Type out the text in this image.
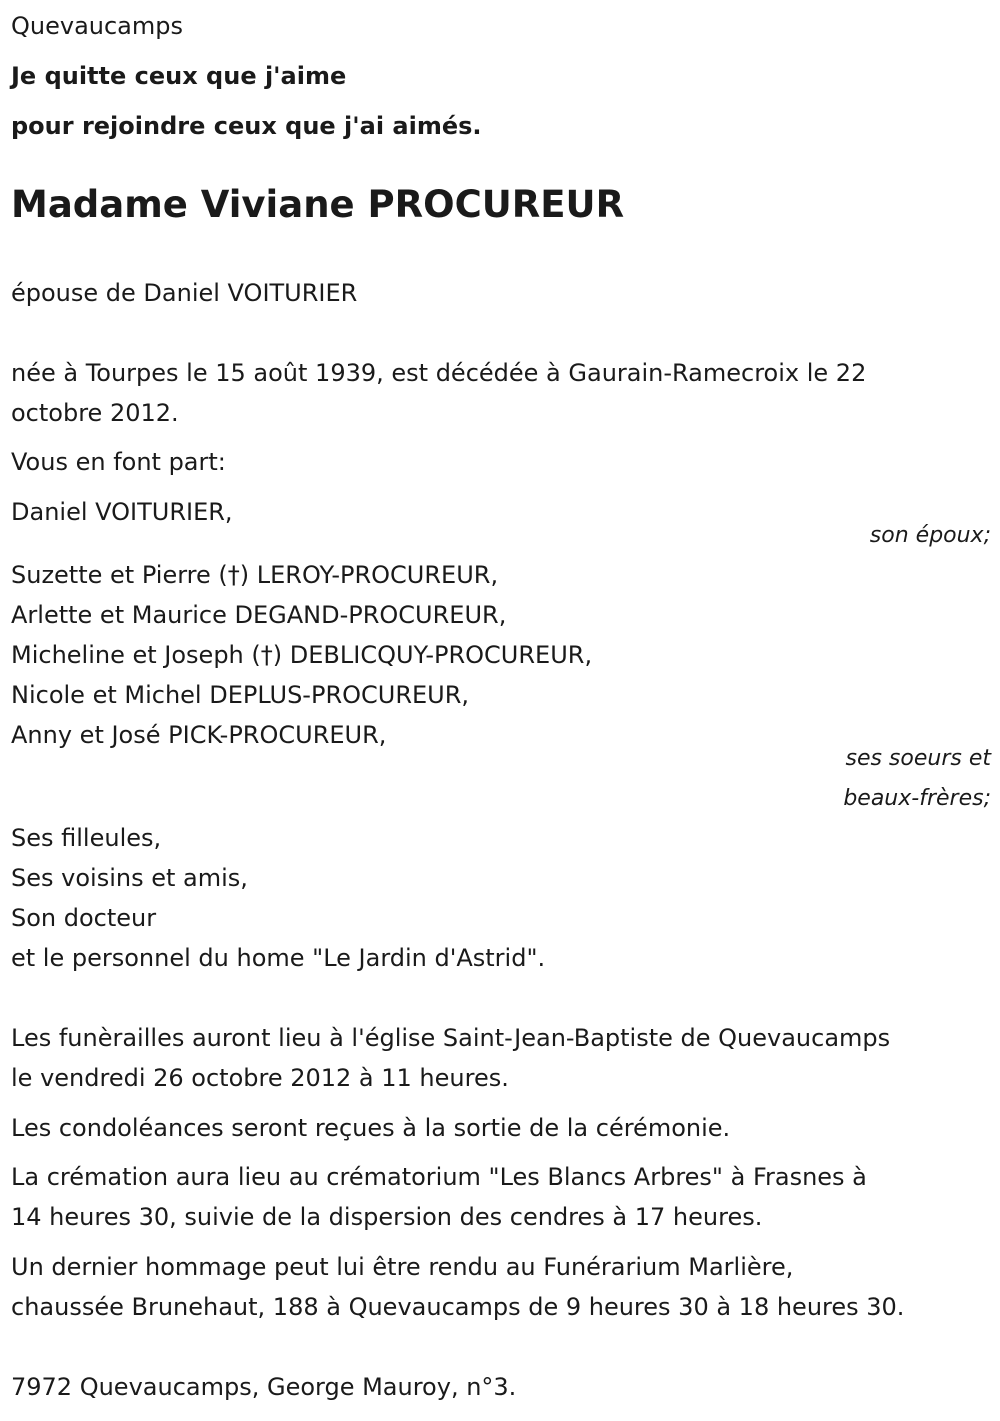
Quevaucamps
Je quitte ceux que j'aime
pour rejoindre ceux que j'ai aimés.
Madame Viviane PROCUREUR
épouse de Daniel VOITURIER
née à Tourpes le 15 août 1939, est décédée à Gaurain-Ramecroix le 22
octobre 2012.
Vous en font part:
Daniel VOITURIER,
son époux;
Suzette et Pierre (†) LEROY-PROCUREUR,
Arlette et Maurice DEGAND-PROCUREUR,
Micheline et Joseph (†) DEBLICQUY-PROCUREUR,
Nicole et Michel DEPLUS-PROCUREUR,
Anny et José PICK-PROCUREUR,
ses soeurs et
beaux-frères;
Ses filleules,
Ses voisins et amis,
Son docteur
et le personnel du home "Le Jardin d'Astrid".
Les funèrailles auront lieu à l'église Saint-Jean-Baptiste de Quevaucamps
le vendredi 26 octobre 2012 à 11 heures.
Les condoléances seront reçues à la sortie de la cérémonie.
La crémation aura lieu au crématorium "Les Blancs Arbres" à Frasnes à
14 heures 30, suivie de la dispersion des cendres à 17 heures.
Un dernier hommage peut lui être rendu au Funérarium Marlière,
chaussée Brunehaut, 188 à Quevaucamps de 9 heures 30 à 18 heures 30.
7972 Quevaucamps, George Mauroy, n°3.
